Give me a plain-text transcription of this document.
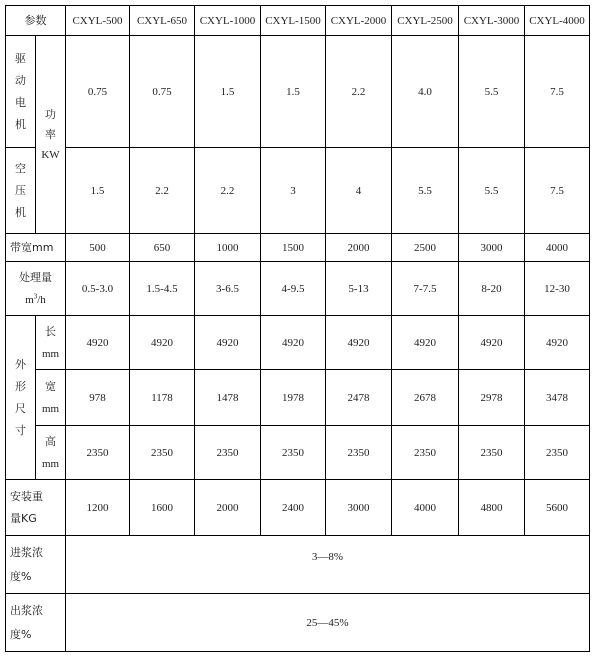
参数		CXYL-500	CXYL-650	CXYL-1000	CXYL-1500	CXYL-2000	CXYL-2500	CXYL-3000	CXYL-4000

驱
动
电
机	功
率
KW	0.75	0.75	1.5	1.5	2.2	4.0	5.5	7.5

空
压
机		1.5	2.2	2.2	3	4	5.5	5.5	7.5
带宽mm		500	650	1000	1500	2000	2500	3000	4000
处理量
$m^3/h$		0.5-3.0	1.5-4.5	3-6.5	4-9.5	5-13	7-7.5	8-20	12-30

外
形
尺
寸	长
mm	4920	4920	4920	4920	4920	4920	4920	4920
	宽
mm	978	1178	1478	1978	2478	2678	2978	3478
	高
mm	2350	2350	2350	2350	2350	2350	2350	2350
安装重
量KG		1200	1600	2000	2400	3000	4000	4800	5600
进浆浓
度%		3—8%							
出浆浓
度%		25—45%							
